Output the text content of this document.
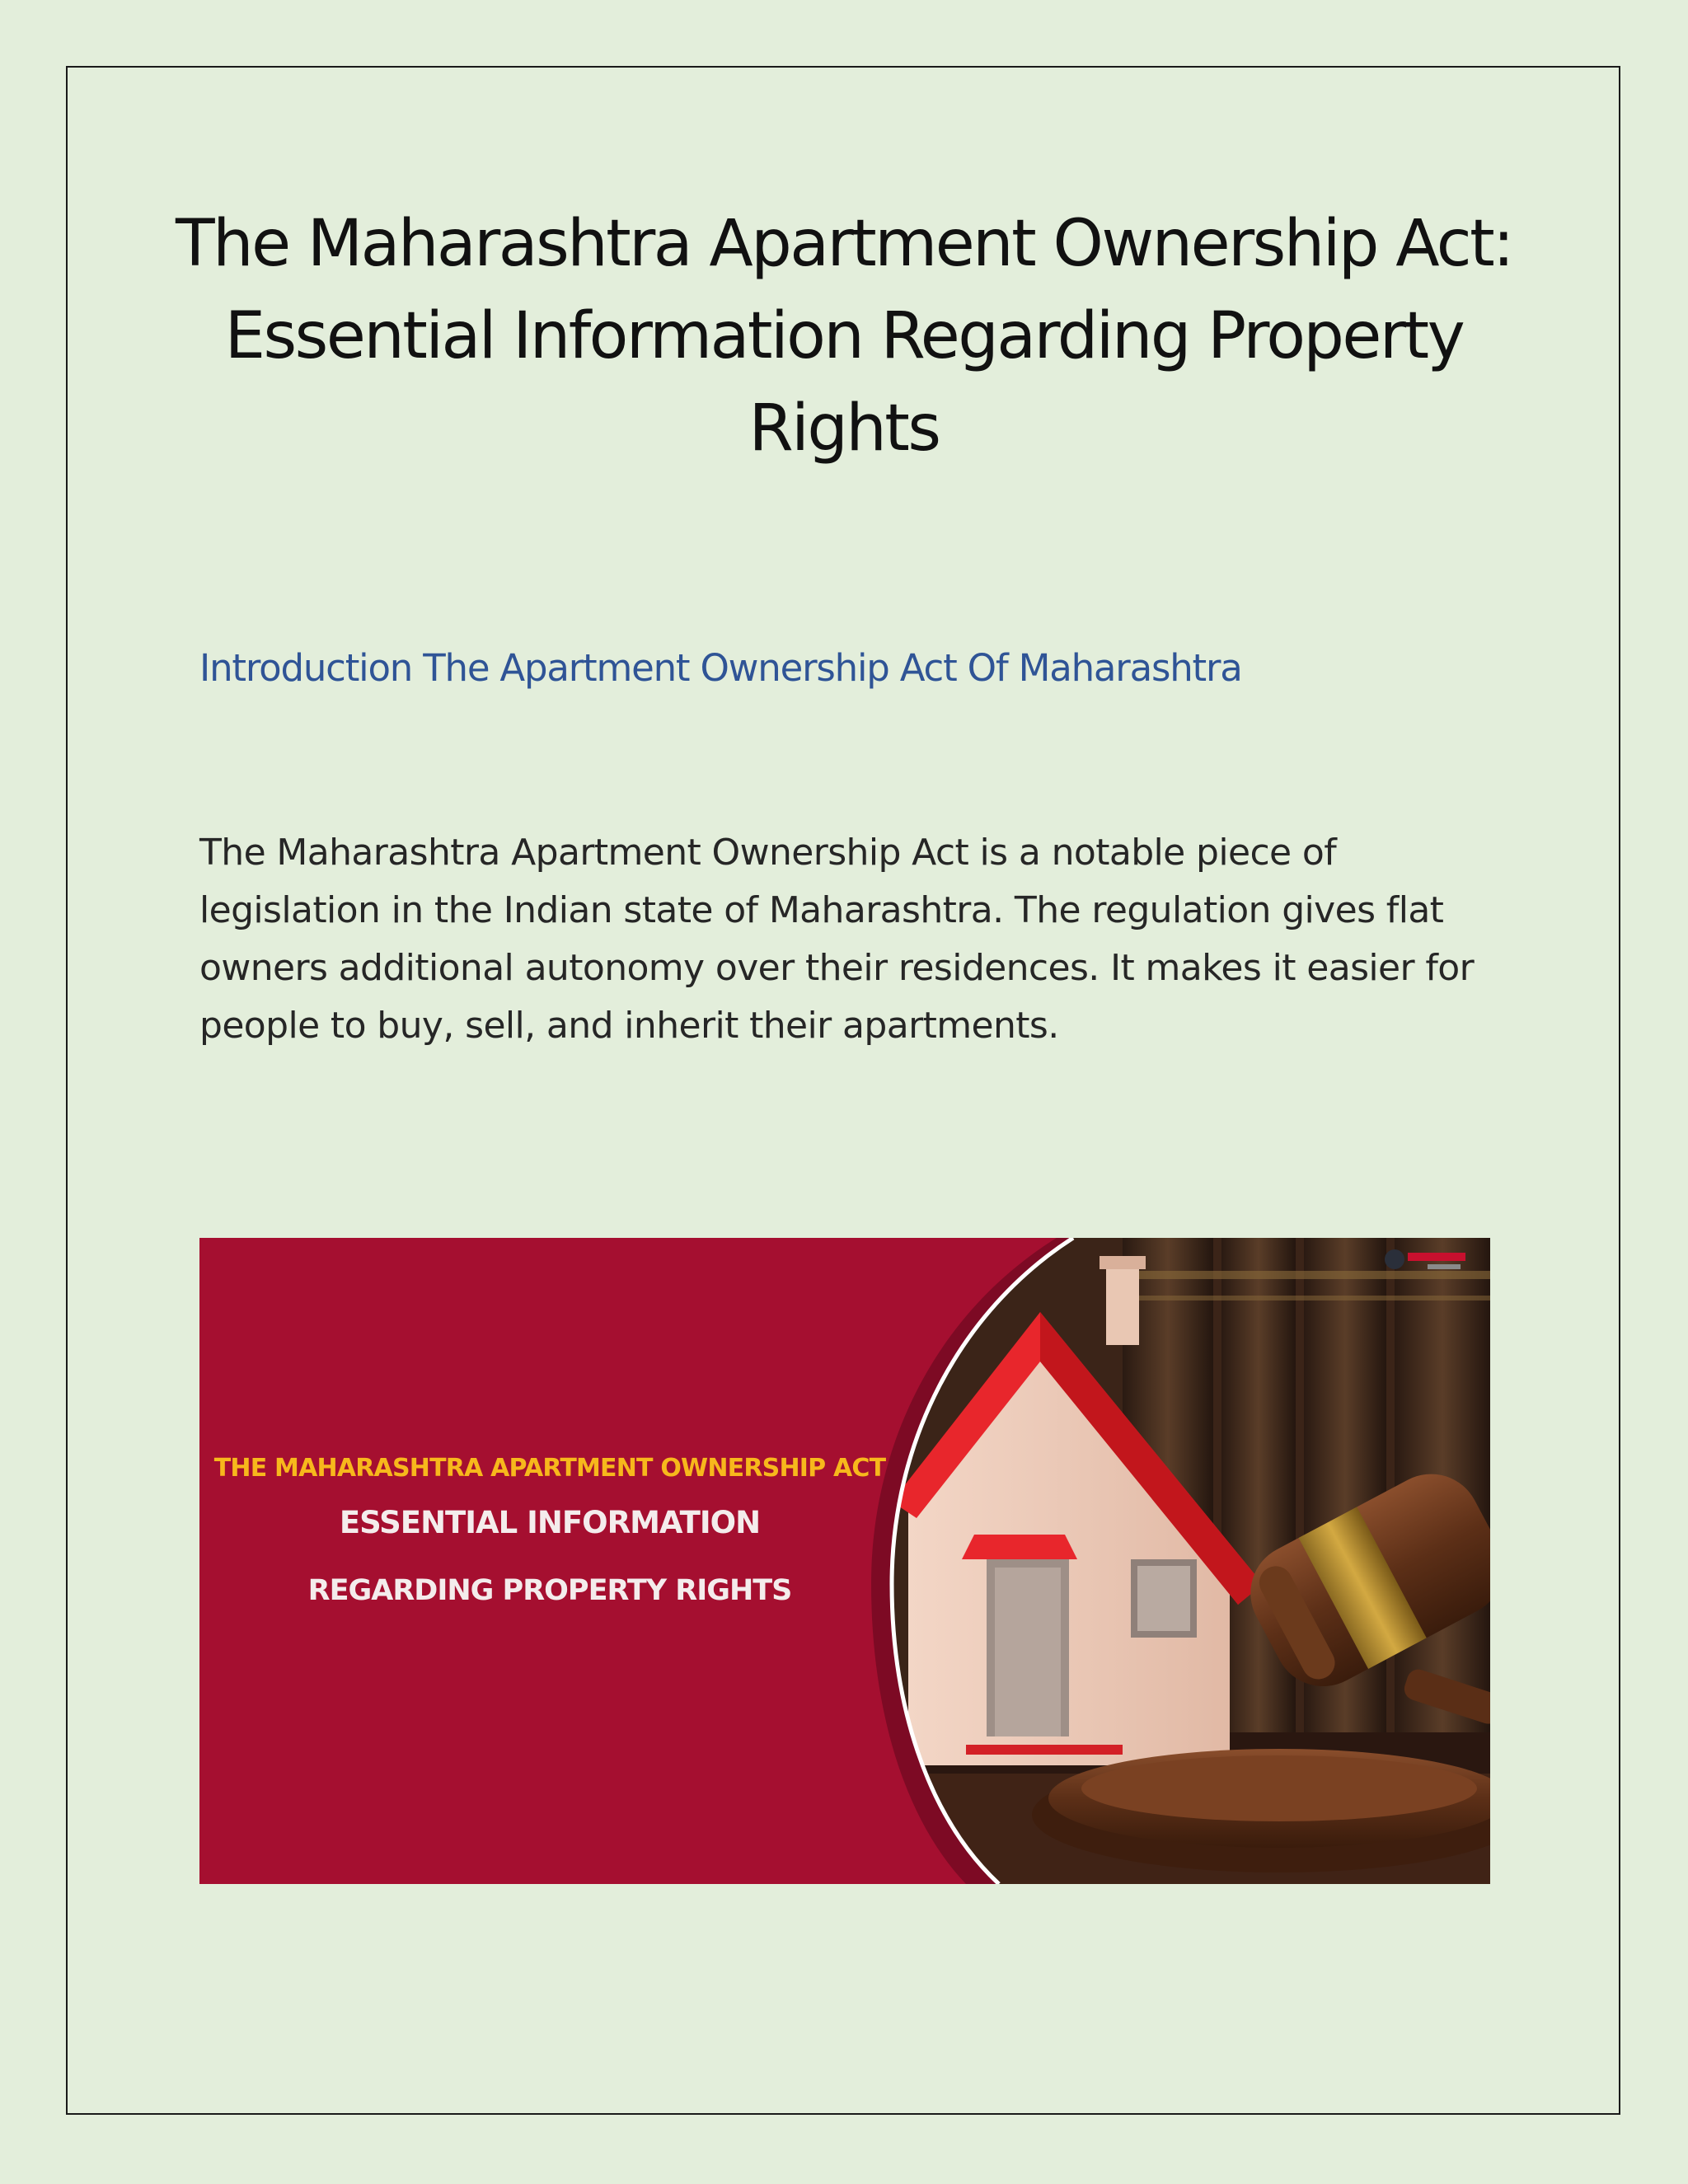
The Maharashtra Apartment Ownership Act: Essential Information Regarding Property Rights
Introduction The Apartment Ownership Act Of Maharashtra

The Maharashtra Apartment Ownership Act is a notable piece of legislation in the Indian state of Maharashtra. The regulation gives flat owners additional autonomy over their residences. It makes it easier for people to buy, sell, and inherit their apartments.

THE MAHARASHTRA APARTMENT OWNERSHIP ACT
ESSENTIAL INFORMATION
REGARDING PROPERTY RIGHTS
